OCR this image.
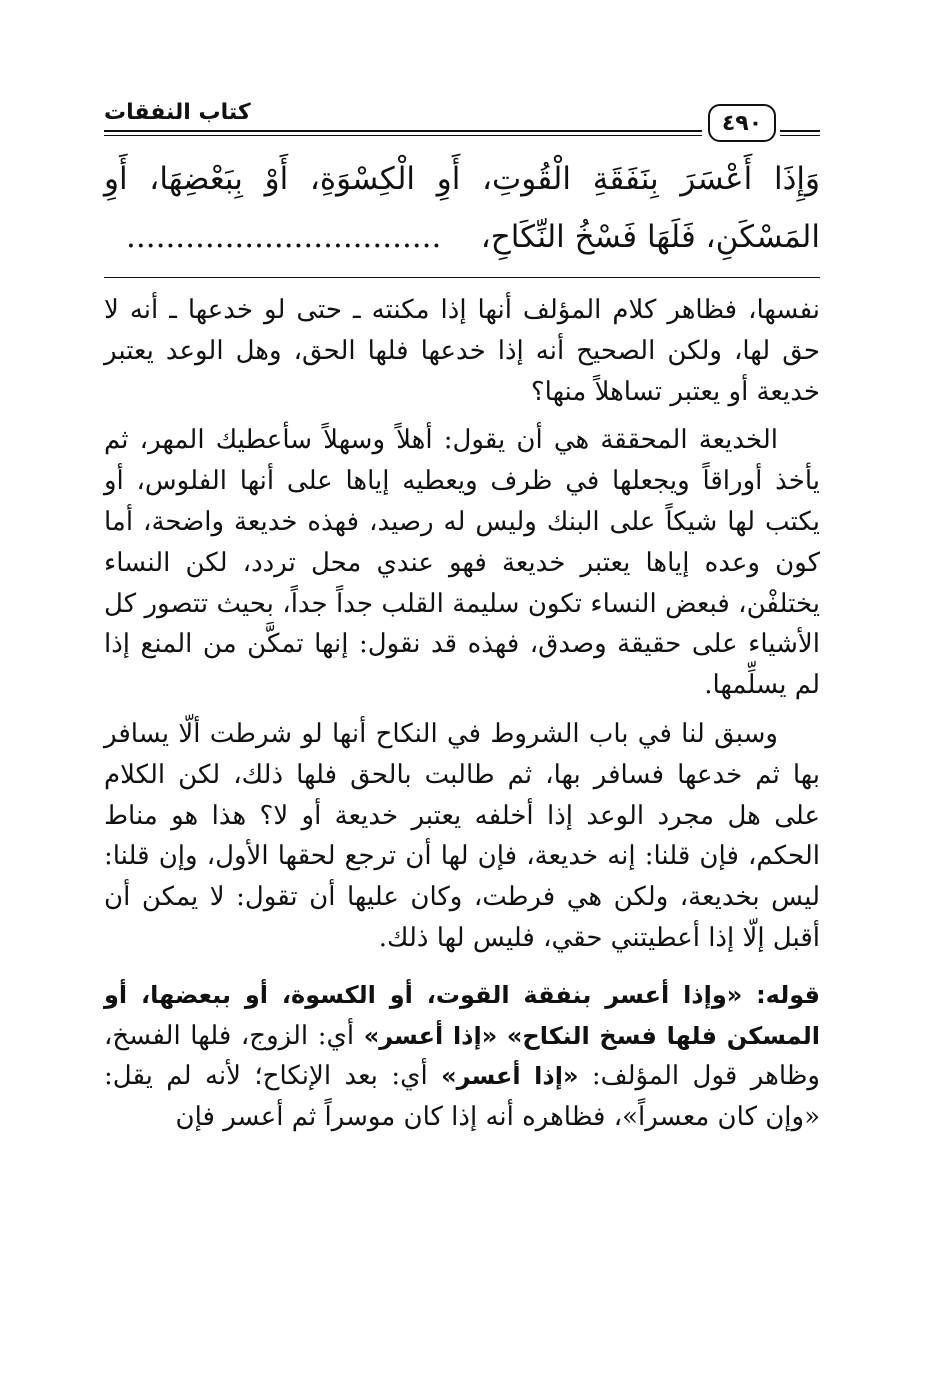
كتاب النفقات	٤٩٠
وَإِذَا أَعْسَرَ بِنَفَقَةِ الْقُوتِ، أَوِ الْكِسْوَةِ، أَوْ بِبَعْضِهَا، أَوِ
المَسْكَنِ، فَلَهَا فَسْخُ النِّكَاحِ،    ................................

نفسها، فظاهر كلام المؤلف أنها إذا مكنته ـ حتى لو خدعها ـ أنه لا حق لها، ولكن الصحيح أنه إذا خدعها فلها الحق، وهل الوعد يعتبر خديعة أو يعتبر تساهلاً منها؟

الخديعة المحققة هي أن يقول: أهلاً وسهلاً سأعطيك المهر، ثم يأخذ أوراقاً ويجعلها في ظرف ويعطيه إياها على أنها الفلوس، أو يكتب لها شيكاً على البنك وليس له رصيد، فهذه خديعة واضحة، أما كون وعده إياها يعتبر خديعة فهو عندي محل تردد، لكن النساء يختلفْن، فبعض النساء تكون سليمة القلب جداً جداً، بحيث تتصور كل الأشياء على حقيقة وصدق، فهذه قد نقول: إنها تمكَّن من المنع إذا لم يسلِّمها.

وسبق لنا في باب الشروط في النكاح أنها لو شرطت ألّا يسافر بها ثم خدعها فسافر بها، ثم طالبت بالحق فلها ذلك، لكن الكلام على هل مجرد الوعد إذا أخلفه يعتبر خديعة أو لا؟ هذا هو مناط الحكم، فإن قلنا: إنه خديعة، فإن لها أن ترجع لحقها الأول، وإن قلنا: ليس بخديعة، ولكن هي فرطت، وكان عليها أن تقول: لا يمكن أن أقبل إلّا إذا أعطيتني حقي، فليس لها ذلك.

قوله: «وإذا أعسر بنفقة القوت، أو الكسوة، أو ببعضها، أو المسكن فلها فسخ النكاح» «إذا أعسر» أي: الزوج، فلها الفسخ، وظاهر قول المؤلف: «إذا أعسر» أي: بعد الإنكاح؛ لأنه لم يقل: «وإن كان معسراً»، فظاهره أنه إذا كان موسراً ثم أعسر فإن
